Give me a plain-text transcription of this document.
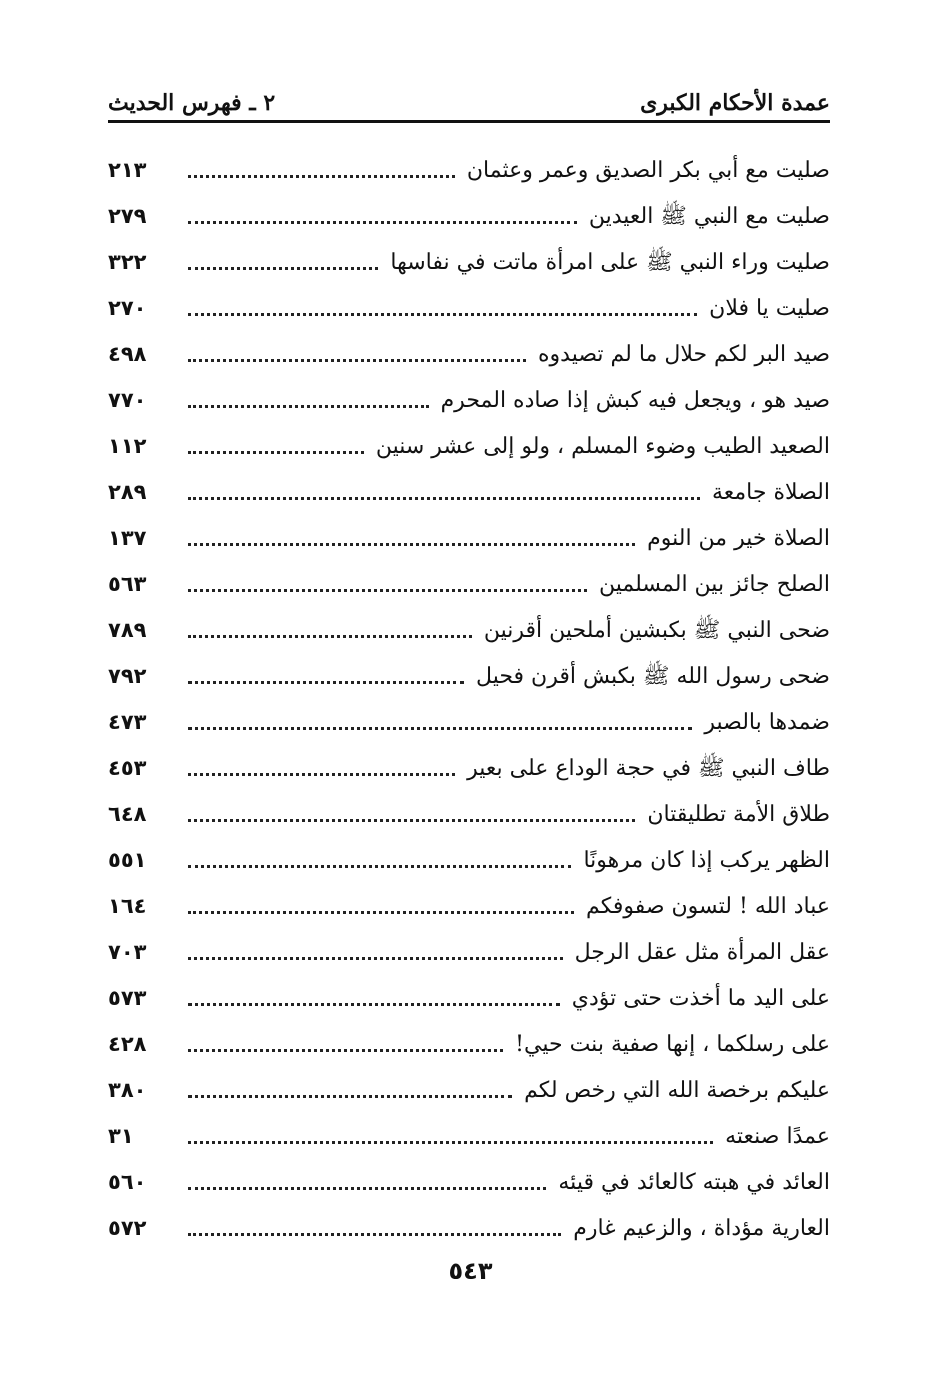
عمدة الأحكام الكبرى
٢ ـ فهرس الحديث
صليت مع أبي بكر الصديق وعمر وعثمان
٢١٣
صليت مع النبي ﷺ العيدين
٢٧٩
صليت وراء النبي ﷺ على امرأة ماتت في نفاسها
٣٢٢
صليت يا فلان
٢٧٠
صيد البر لكم حلال ما لم تصيدوه
٤٩٨
صيد هو ، ويجعل فيه كبش إذا صاده المحرم
٧٧٠
الصعيد الطيب وضوء المسلم ، ولو إلى عشر سنين
١١٢
الصلاة جامعة
٢٨٩
الصلاة خير من النوم
١٣٧
الصلح جائز بين المسلمين
٥٦٣
ضحى النبي ﷺ بكبشين أملحين أقرنين
٧٨٩
ضحى رسول الله ﷺ بكبش أقرن فحيل
٧٩٢
ضمدها بالصبر
٤٧٣
طاف النبي ﷺ في حجة الوداع على بعير
٤٥٣
طلاق الأمة تطليقتان
٦٤٨
الظهر يركب إذا كان مرهونًا
٥٥١
عباد الله ! لتسون صفوفكم
١٦٤
عقل المرأة مثل عقل الرجل
٧٠٣
على اليد ما أخذت حتى تؤدي
٥٧٣
على رسلكما ، إنها صفية بنت حيي!
٤٢٨
عليكم برخصة الله التي رخص لكم
٣٨٠
عمدًا صنعته
٣١
العائد في هبته كالعائد في قيئه
٥٦٠
العارية مؤداة ، والزعيم غارم
٥٧٢
٥٤٣
